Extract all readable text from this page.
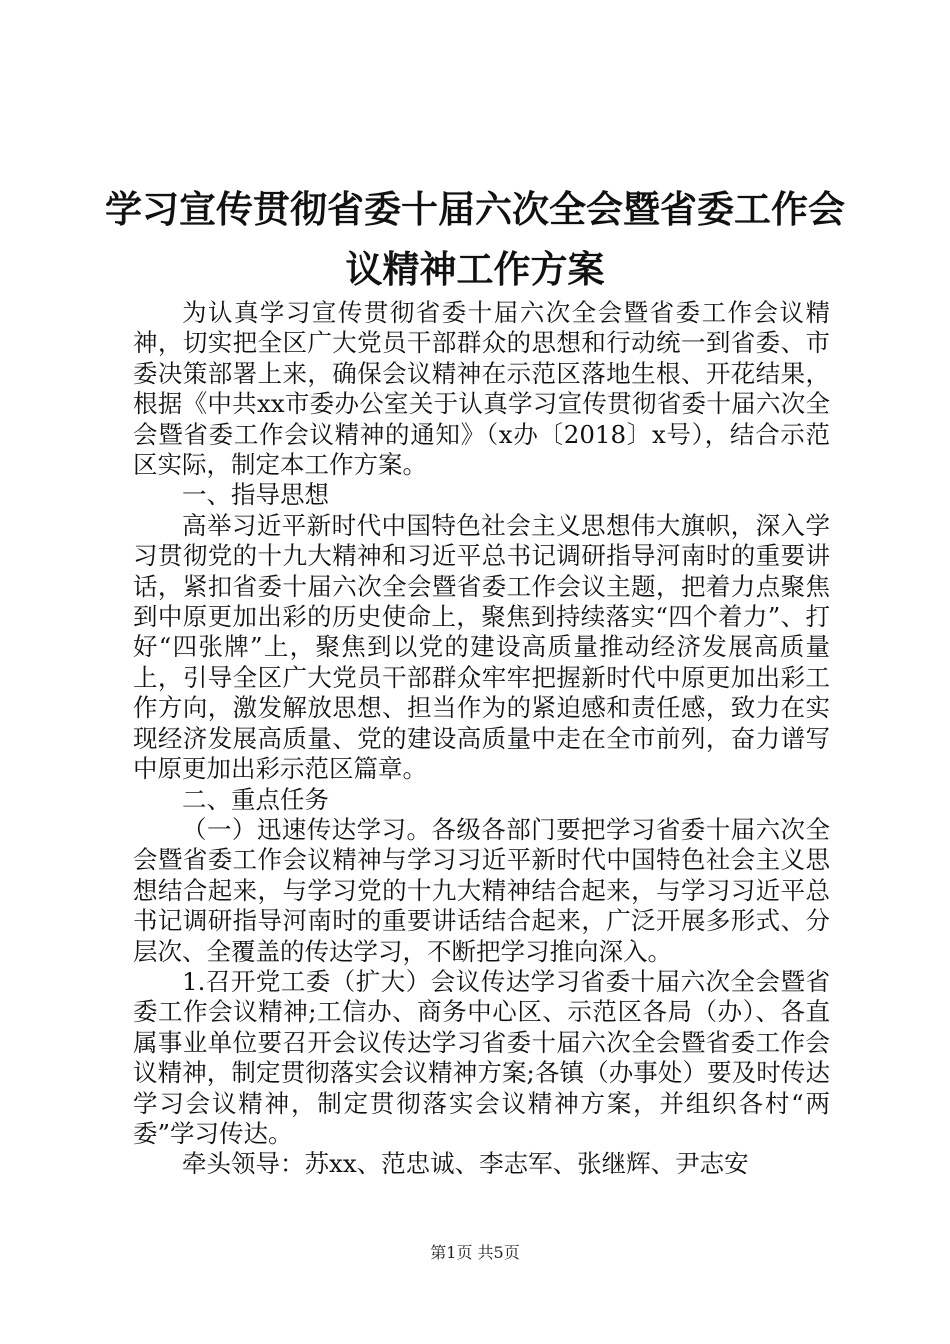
学习宣传贯彻省委十届六次全会暨省委工作会
议精神工作方案

为认真学习宣传贯彻省委十届六次全会暨省委工作会议精神，切实把全区广大党员干部群众的思想和行动统一到省委、市委决策部署上来，确保会议精神在示范区落地生根、开花结果，根据《中共xx市委办公室关于认真学习宣传贯彻省委十届六次全会暨省委工作会议精神的通知》（x办〔2018〕x号），结合示范区实际，制定本工作方案。

一、指导思想

高举习近平新时代中国特色社会主义思想伟大旗帜，深入学习贯彻党的十九大精神和习近平总书记调研指导河南时的重要讲话，紧扣省委十届六次全会暨省委工作会议主题，把着力点聚焦到中原更加出彩的历史使命上，聚焦到持续落实“四个着力”、打好“四张牌”上，聚焦到以党的建设高质量推动经济发展高质量上，引导全区广大党员干部群众牢牢把握新时代中原更加出彩工作方向，激发解放思想、担当作为的紧迫感和责任感，致力在实现经济发展高质量、党的建设高质量中走在全市前列，奋力谱写中原更加出彩示范区篇章。

二、重点任务

（一）迅速传达学习。各级各部门要把学习省委十届六次全会暨省委工作会议精神与学习习近平新时代中国特色社会主义思想结合起来，与学习党的十九大精神结合起来，与学习习近平总书记调研指导河南时的重要讲话结合起来，广泛开展多形式、分层次、全覆盖的传达学习，不断把学习推向深入。

1.召开党工委（扩大）会议传达学习省委十届六次全会暨省委工作会议精神;工信办、商务中心区、示范区各局（办）、各直属事业单位要召开会议传达学习省委十届六次全会暨省委工作会议精神，制定贯彻落实会议精神方案;各镇（办事处）要及时传达学习会议精神，制定贯彻落实会议精神方案，并组织各村“两委”学习传达。

牵头领导：苏xx、范忠诚、李志军、张继辉、尹志安

第1页 共5页
